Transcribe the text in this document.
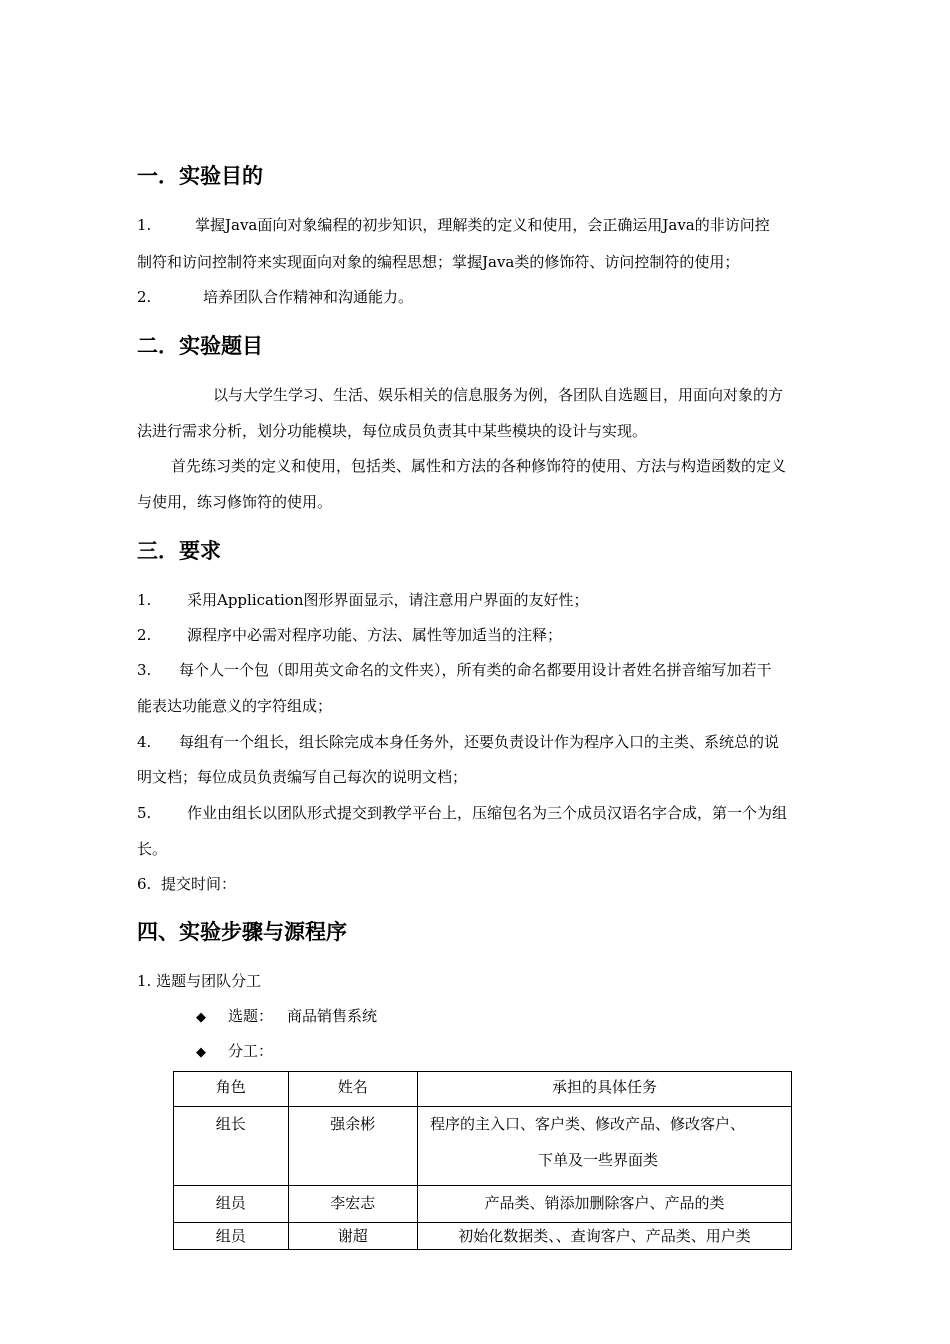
一．实验目的
1.	掌握Java面向对象编程的初步知识，理解类的定义和使用，会正确运用Java的非访问控
制符和访问控制符来实现面向对象的编程思想；掌握Java类的修饰符、访问控制符的使用；
2.	培养团队合作精神和沟通能力。
二．实验题目
以与大学生学习、生活、娱乐相关的信息服务为例，各团队自选题目，用面向对象的方
法进行需求分析，划分功能模块，每位成员负责其中某些模块的设计与实现。
首先练习类的定义和使用，包括类、属性和方法的各种修饰符的使用、方法与构造函数的定义
与使用，练习修饰符的使用。
三．要求
1. 采用Application图形界面显示，请注意用户界面的友好性；
2. 源程序中必需对程序功能、方法、属性等加适当的注释；
3. 每个人一个包（即用英文命名的文件夹），所有类的命名都要用设计者姓名拼音缩写加若干
能表达功能意义的字符组成；
4. 每组有一个组长，组长除完成本身任务外，还要负责设计作为程序入口的主类、系统总的说
明文档；每位成员负责编写自己每次的说明文档；
5. 作业由组长以团队形式提交到教学平台上，压缩包名为三个成员汉语名字合成，第一个为组
长。
6. 提交时间：
四、实验步骤与源程序
1. 选题与团队分工
◆ 选题： 商品销售系统
◆ 分工：
角色	姓名	承担的具体任务
组长	强余彬	程序的主入口、客户类、修改产品、修改客户、
下单及一些界面类

组员	李宏志	产品类、销添加删除客户、产品的类
组员	谢超	初始化数据类、、查询客户、产品类、用户类
